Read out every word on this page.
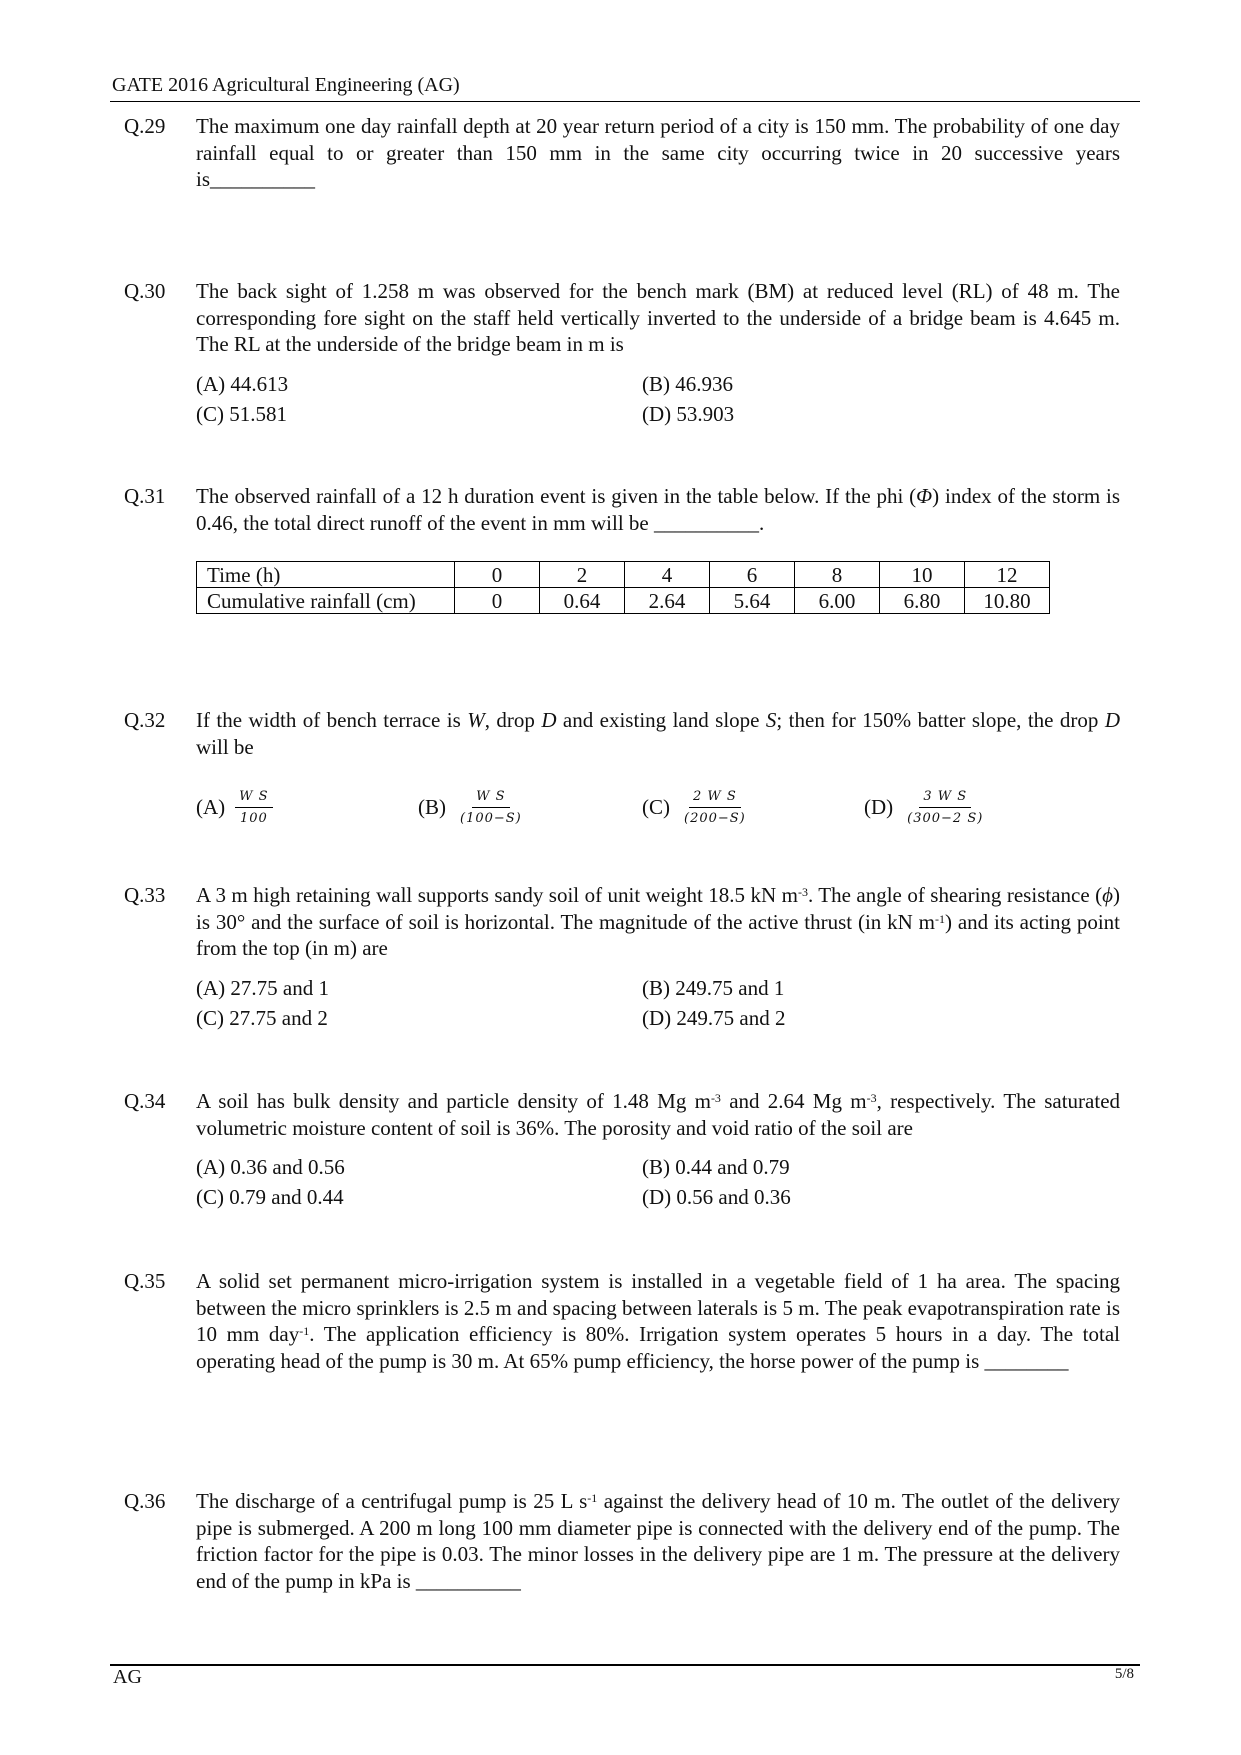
GATE 2016 Agricultural Engineering (AG)
Q.29 The maximum one day rainfall depth at 20 year return period of a city is 150 mm. The probability of one day rainfall equal to or greater than 150 mm in the same city occurring twice in 20 successive years is__________
Q.30 The back sight of 1.258 m was observed for the bench mark (BM) at reduced level (RL) of 48 m. The corresponding fore sight on the staff held vertically inverted to the underside of a bridge beam is 4.645 m. The RL at the underside of the bridge beam in m is
(A) 44.613	(B) 46.936
(C) 51.581	(D) 53.903
Q.31 The observed rainfall of a 12 h duration event is given in the table below. If the phi (Φ) index of the storm is 0.46, the total direct runoff of the event in mm will be __________.
Time (h)	0	2	4	6	8	10	12
Cumulative rainfall (cm)	0	0.64	2.64	5.64	6.00	6.80	10.80
Q.32 If the width of bench terrace is W, drop D and existing land slope S; then for 150% batter slope, the drop D will be
$(A) \frac{\text{W S}}{100}$	$(B) \frac{\text{W S}}{(100-S)}$	$(C) \frac{\text{2 W S}}{(200-S)}$	$(D) \frac{\text{3 W S}}{(300-2 S)}$
Q.33 A 3 m high retaining wall supports sandy soil of unit weight 18.5 kN $m^{-3}$. The angle of shearing resistance (ϕ) is 30° and the surface of soil is horizontal. The magnitude of the active thrust (in kN $m^{-1}$) and its acting point from the top (in m) are
(A) 27.75 and 1	(B) 249.75 and 1
(C) 27.75 and 2	(D) 249.75 and 2
Q.34 A soil has bulk density and particle density of 1.48 Mg $m^{-3}$ and 2.64 Mg $m^{-3}$, respectively. The saturated volumetric moisture content of soil is 36%. The porosity and void ratio of the soil are
(A) 0.36 and 0.56	(B) 0.44 and 0.79
(C) 0.79 and 0.44	(D) 0.56 and 0.36
Q.35 A solid set permanent micro-irrigation system is installed in a vegetable field of 1 ha area. The spacing between the micro sprinklers is 2.5 m and spacing between laterals is 5 m. The peak evapotranspiration rate is 10 mm day$^{-1}$. The application efficiency is 80%. Irrigation system operates 5 hours in a day. The total operating head of the pump is 30 m. At 65% pump efficiency, the horse power of the pump is ________
Q.36 The discharge of a centrifugal pump is 25 L $s^{-1}$ against the delivery head of 10 m. The outlet of the delivery pipe is submerged. A 200 m long 100 mm diameter pipe is connected with the delivery end of the pump. The friction factor for the pipe is 0.03. The minor losses in the delivery pipe are 1 m. The pressure at the delivery end of the pump in kPa is __________
AG	5/8
